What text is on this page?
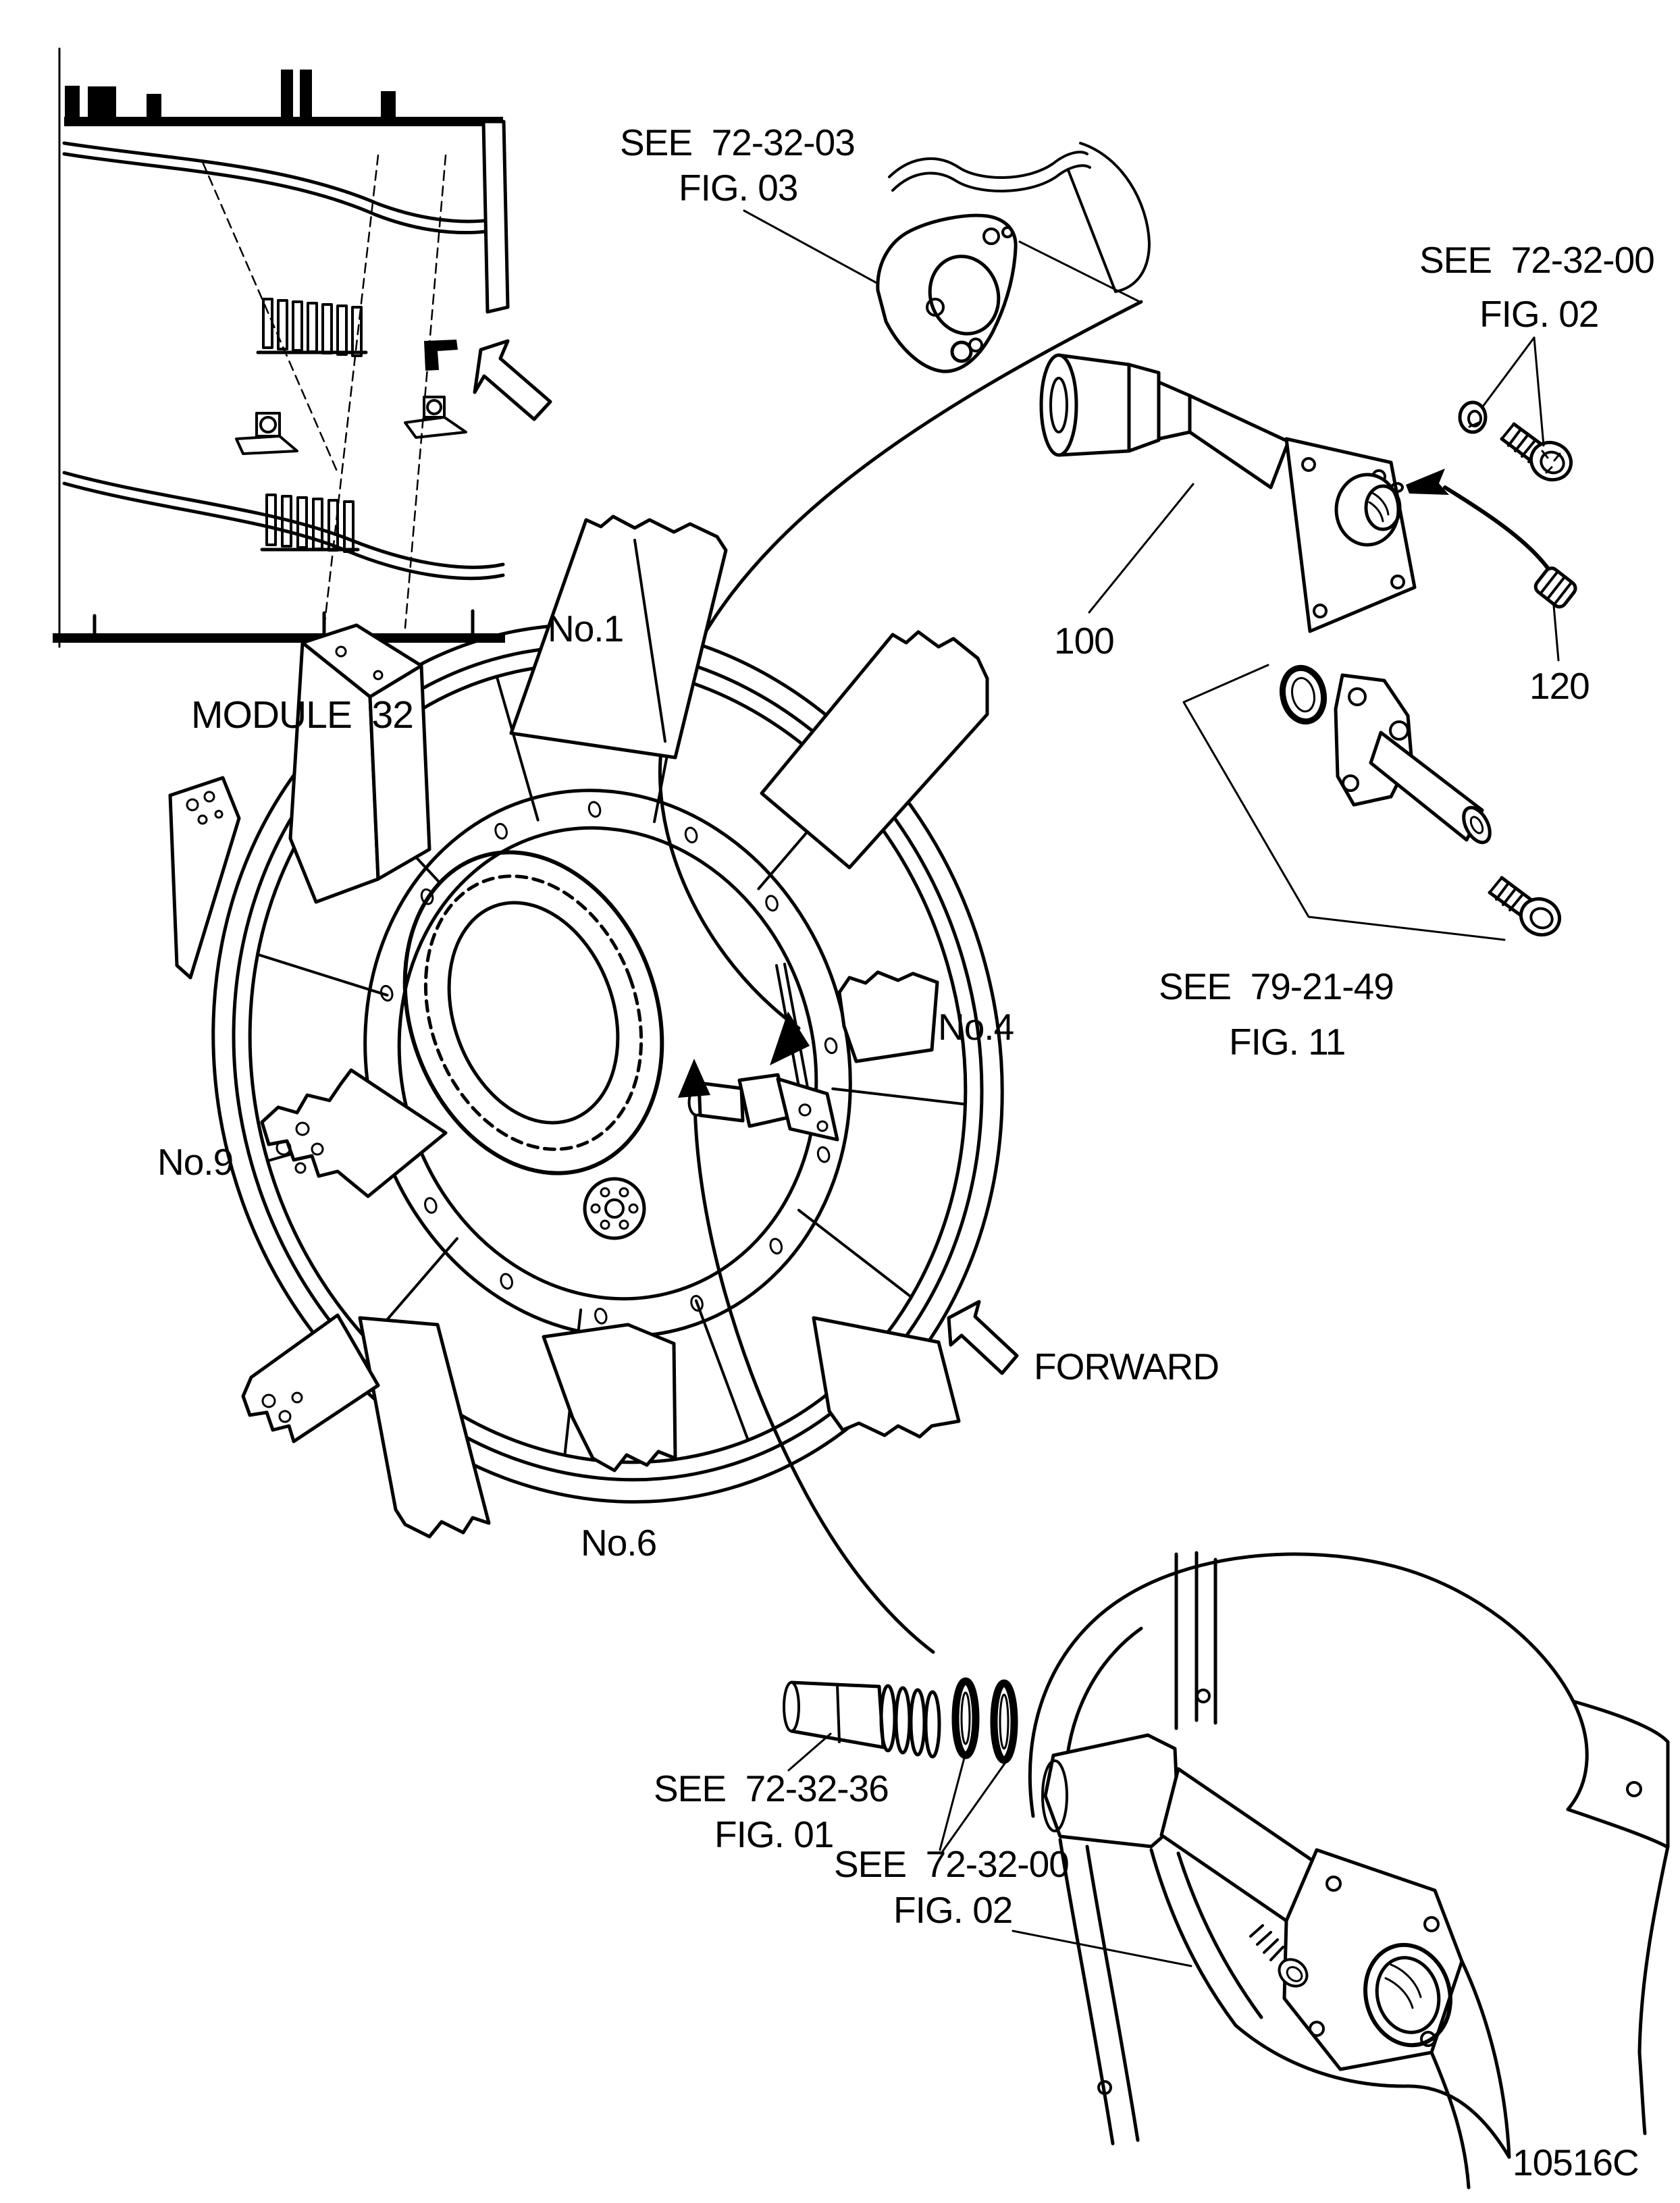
SEE  72-32-03
FIG. 03
SEE  72-32-00
FIG. 02
100
120
SEE  79-21-49
FIG. 11
MODULE  32
No.1
No.4
No.9
No.6
FORWARD
SEE  72-32-36
FIG. 01
SEE  72-32-00
FIG. 02
10516C
